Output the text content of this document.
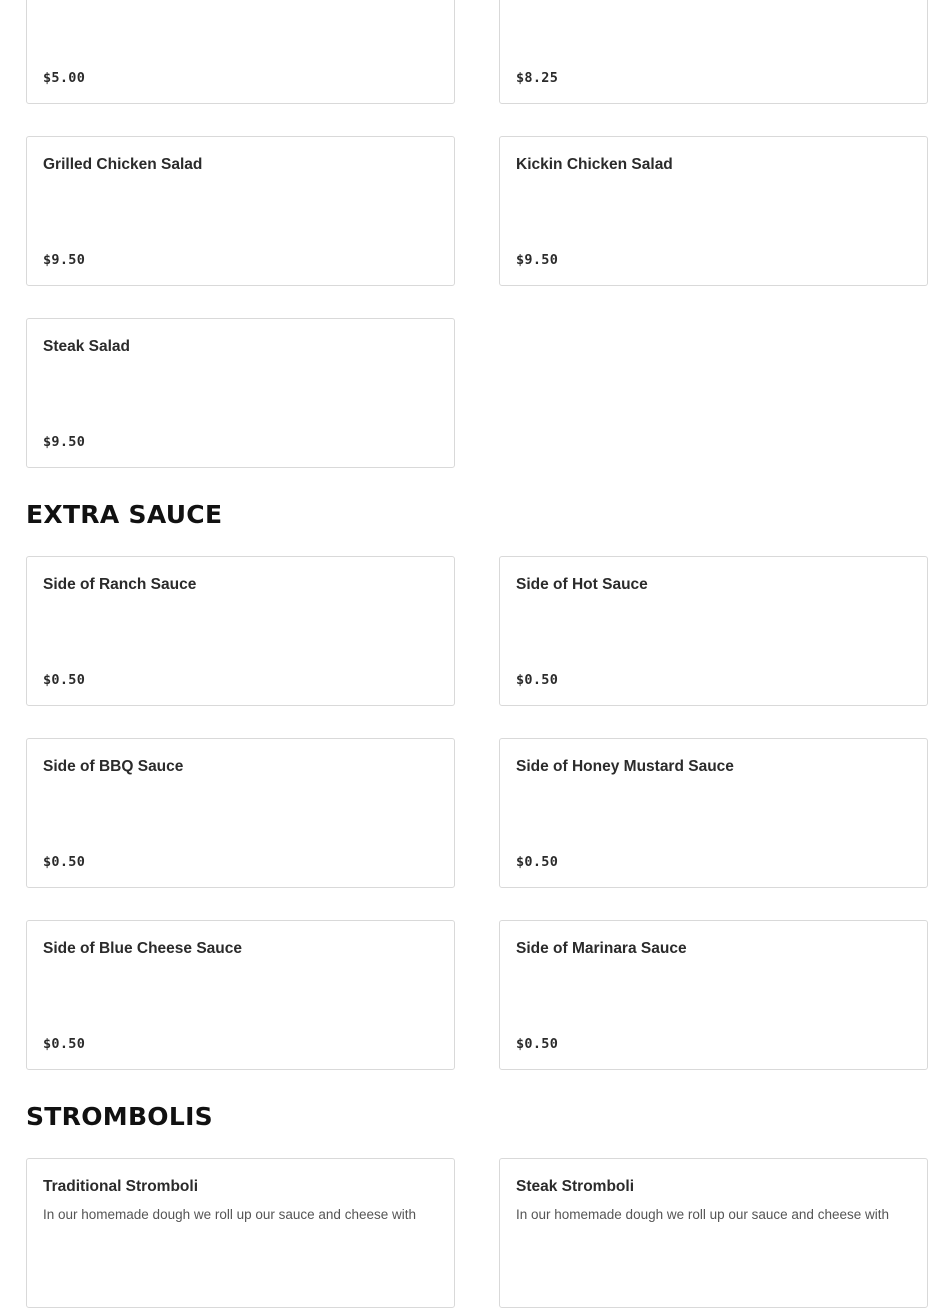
$5.00	$8.25
Grilled Chicken Salad
$9.50
Kickin Chicken Salad
$9.50
Steak Salad
$9.50
EXTRA SAUCE
Side of Ranch Sauce
$0.50
Side of Hot Sauce
$0.50
Side of BBQ Sauce
$0.50
Side of Honey Mustard Sauce
$0.50
Side of Blue Cheese Sauce
$0.50
Side of Marinara Sauce
$0.50
STROMBOLIS
Traditional Stromboli
In our homemade dough we roll up our sauce and cheese with
Steak Stromboli
In our homemade dough we roll up our sauce and cheese with
